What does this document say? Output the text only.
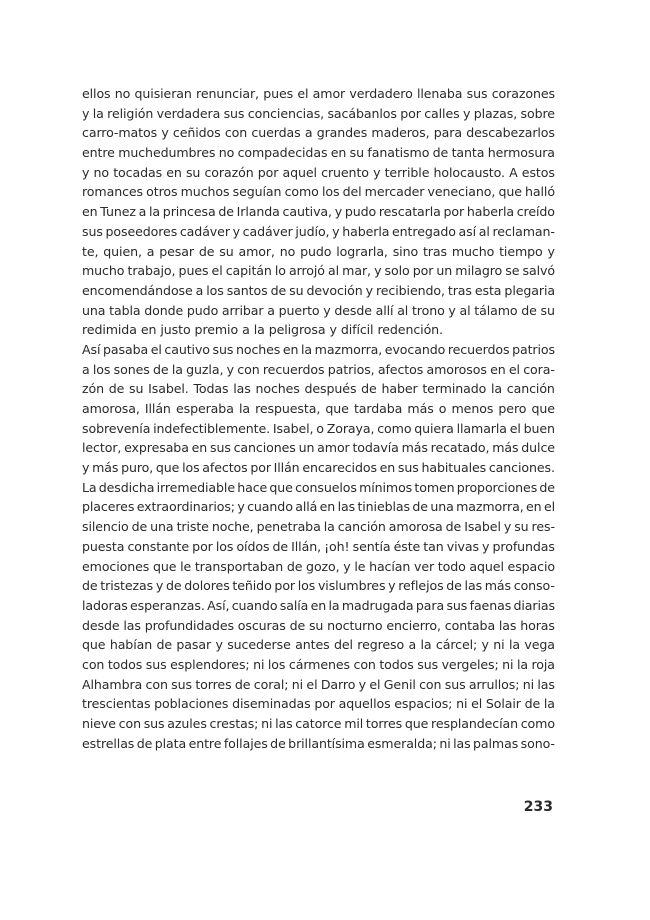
ellos no quisieran renunciar, pues el amor verdadero llenaba sus corazones
y la religión verdadera sus conciencias, sacábanlos por calles y plazas, sobre
carro-matos y ceñidos con cuerdas a grandes maderos, para descabezarlos
entre muchedumbres no compadecidas en su fanatismo de tanta hermosura
y no tocadas en su corazón por aquel cruento y terrible holocausto. A estos
romances otros muchos seguían como los del mercader veneciano, que halló
en Tunez a la princesa de Irlanda cautiva, y pudo rescatarla por haberla creído
sus poseedores cadáver y cadáver judío, y haberla entregado así al reclaman-
te, quien, a pesar de su amor, no pudo lograrla, sino tras mucho tiempo y
mucho trabajo, pues el capitán lo arrojó al mar, y solo por un milagro se salvó
encomendándose a los santos de su devoción y recibiendo, tras esta plegaria
una tabla donde pudo arribar a puerto y desde allí al trono y al tálamo de su
redimida en justo premio a la peligrosa y difícil redención.
Así pasaba el cautivo sus noches en la mazmorra, evocando recuerdos patrios
a los sones de la guzla, y con recuerdos patrios, afectos amorosos en el cora-
zón de su Isabel. Todas las noches después de haber terminado la canción
amorosa, Illán esperaba la respuesta, que tardaba más o menos pero que
sobrevenía indefectiblemente. Isabel, o Zoraya, como quiera llamarla el buen
lector, expresaba en sus canciones un amor todavía más recatado, más dulce
y más puro, que los afectos por Illán encarecidos en sus habituales canciones.
La desdicha irremediable hace que consuelos mínimos tomen proporciones de
placeres extraordinarios; y cuando allá en las tinieblas de una mazmorra, en el
silencio de una triste noche, penetraba la canción amorosa de Isabel y su res-
puesta constante por los oídos de Illán, ¡oh! sentía éste tan vivas y profundas
emociones que le transportaban de gozo, y le hacían ver todo aquel espacio
de tristezas y de dolores teñido por los vislumbres y reflejos de las más conso-
ladoras esperanzas. Así, cuando salía en la madrugada para sus faenas diarias
desde las profundidades oscuras de su nocturno encierro, contaba las horas
que habían de pasar y sucederse antes del regreso a la cárcel; y ni la vega
con todos sus esplendores; ni los cármenes con todos sus vergeles; ni la roja
Alhambra con sus torres de coral; ni el Darro y el Genil con sus arrullos; ni las
trescientas poblaciones diseminadas por aquellos espacios; ni el Solair de la
nieve con sus azules crestas; ni las catorce mil torres que resplandecían como
estrellas de plata entre follajes de brillantísima esmeralda; ni las palmas sono-
233
